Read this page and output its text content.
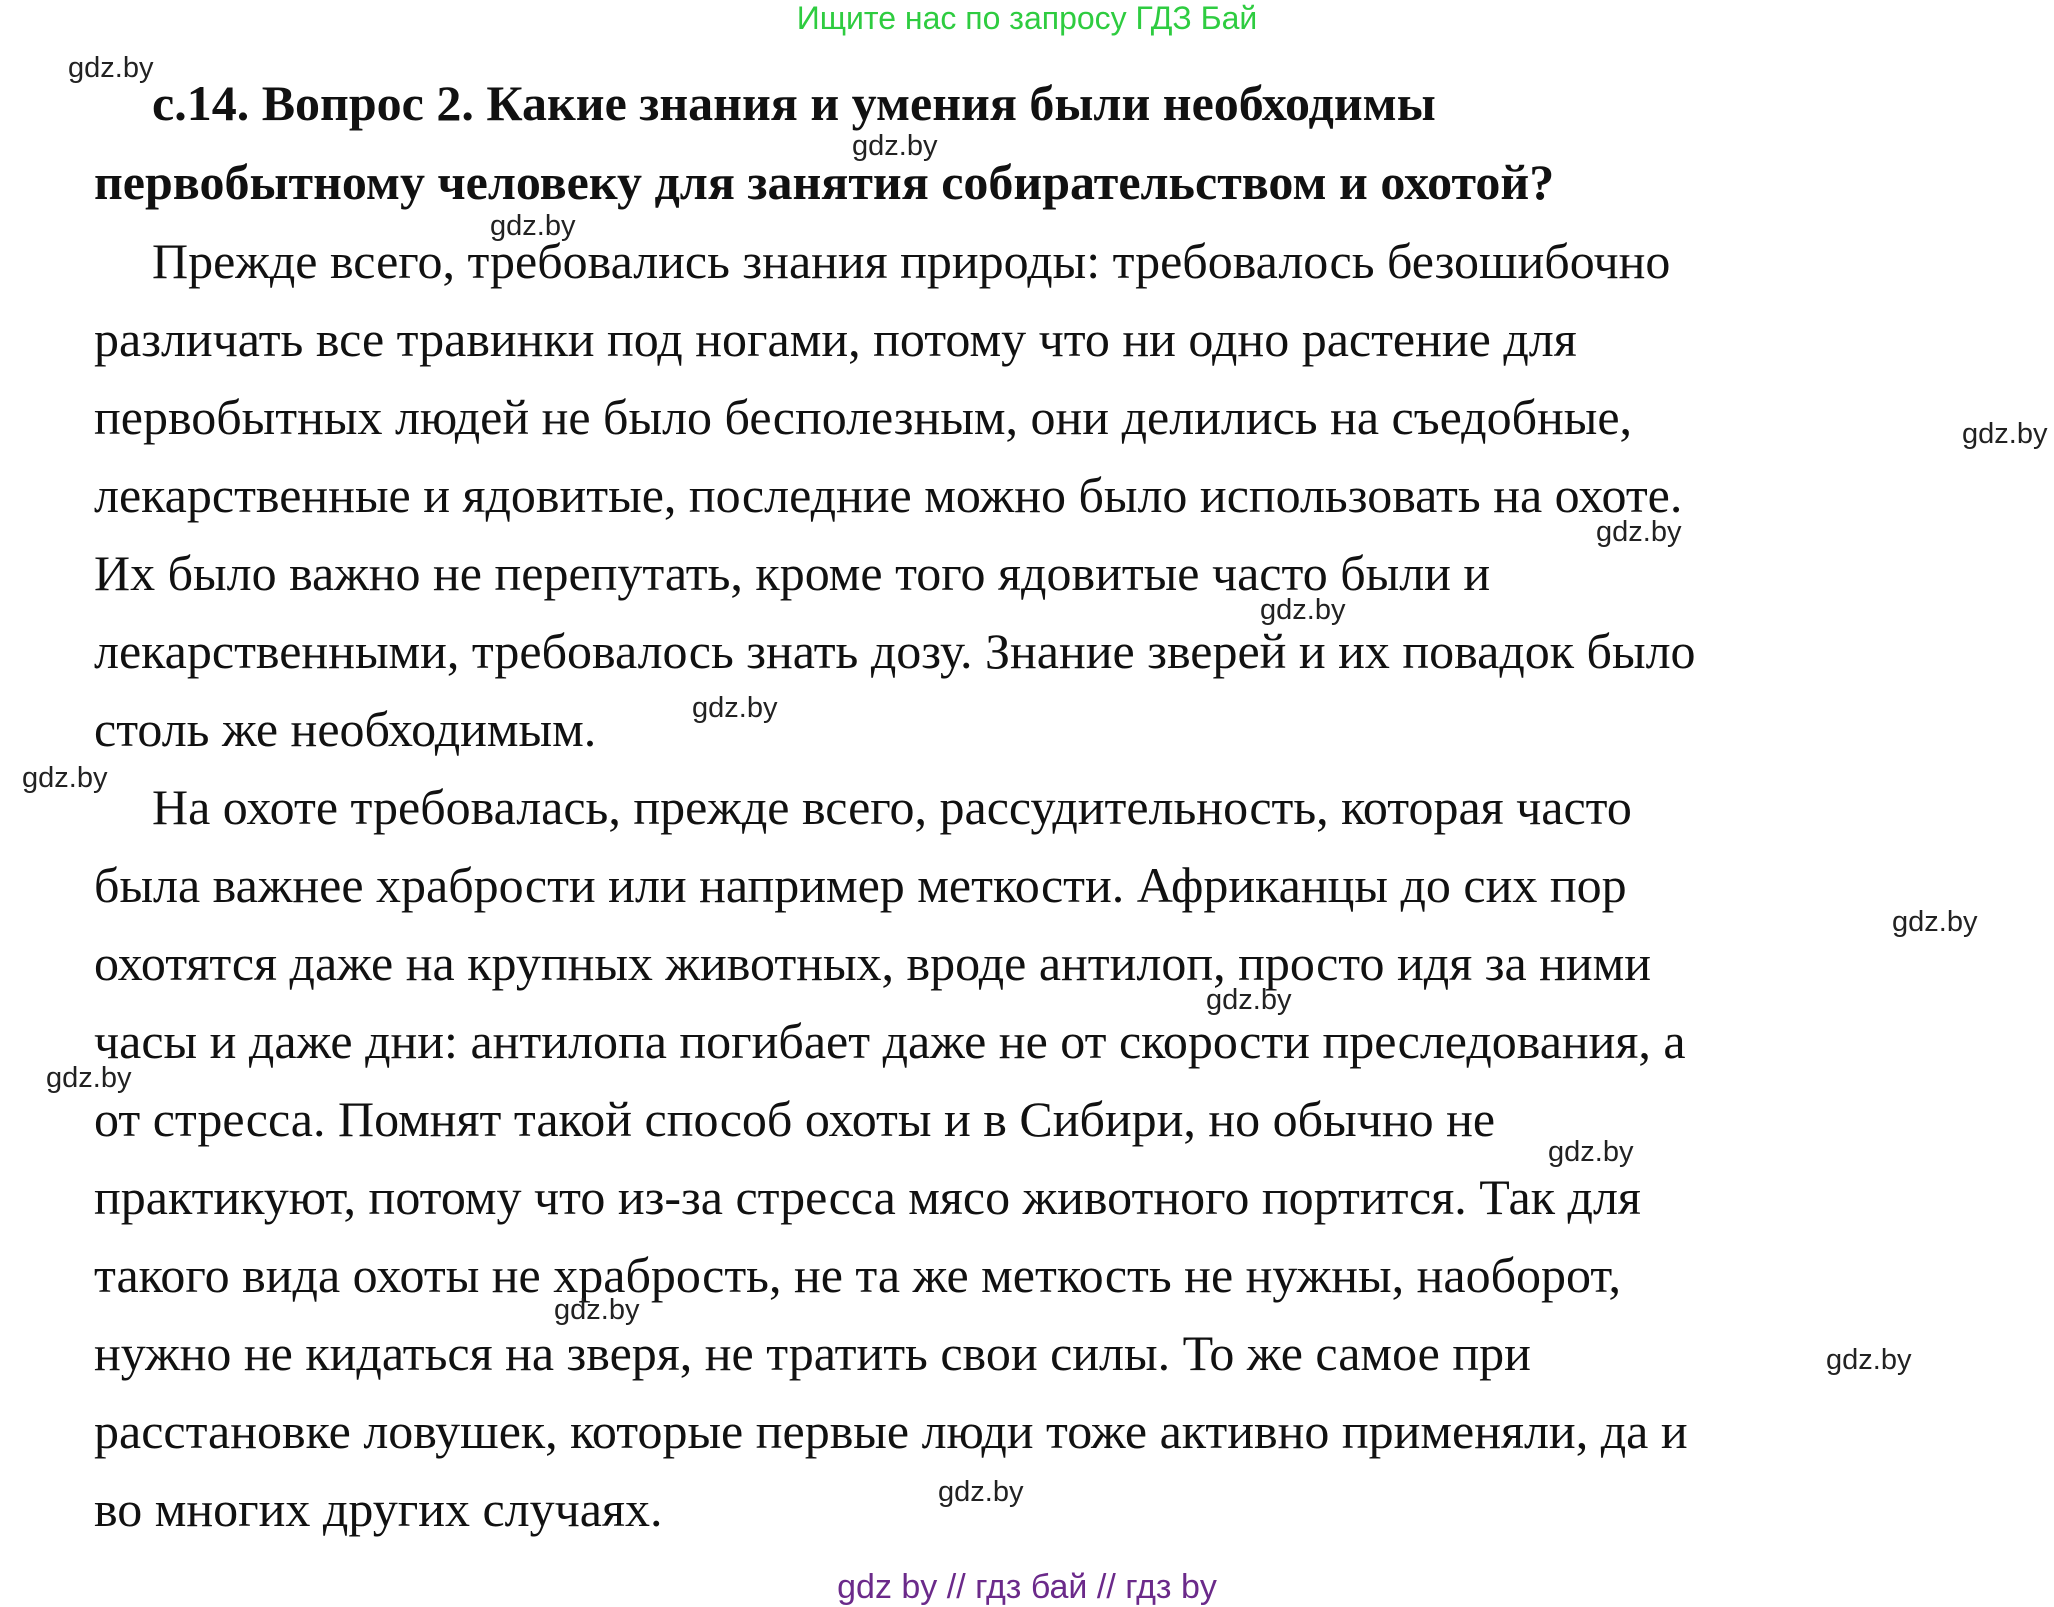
Ищите нас по запросу ГДЗ Бай
с.14. Вопрос 2. Какие знания и умения были необходимы
первобытному человеку для занятия собирательством и охотой?
Прежде всего, требовались знания природы: требовалось безошибочно
различать все травинки под ногами, потому что ни одно растение для
первобытных людей не было бесполезным, они делились на съедобные,
лекарственные и ядовитые, последние можно было использовать на охоте.
Их было важно не перепутать, кроме того ядовитые часто были и
лекарственными, требовалось знать дозу. Знание зверей и их повадок было
столь же необходимым.
На охоте требовалась, прежде всего, рассудительность, которая часто
была важнее храбрости или например меткости. Африканцы до сих пор
охотятся даже на крупных животных, вроде антилоп, просто идя за ними
часы и даже дни: антилопа погибает даже не от скорости преследования, а
от стресса. Помнят такой способ охоты и в Сибири, но обычно не
практикуют, потому что из-за стресса мясо животного портится. Так для
такого вида охоты не храбрость, не та же меткость не нужны, наоборот,
нужно не кидаться на зверя, не тратить свои силы. То же самое при
расстановке ловушек, которые первые люди тоже активно применяли, да и
во многих других случаях.
gdz.by
gdz.by
gdz.by
gdz.by
gdz.by
gdz.by
gdz.by
gdz.by
gdz.by
gdz.by
gdz.by
gdz.by
gdz.by
gdz.by
gdz.by
gdz by // гдз бай // гдз by
